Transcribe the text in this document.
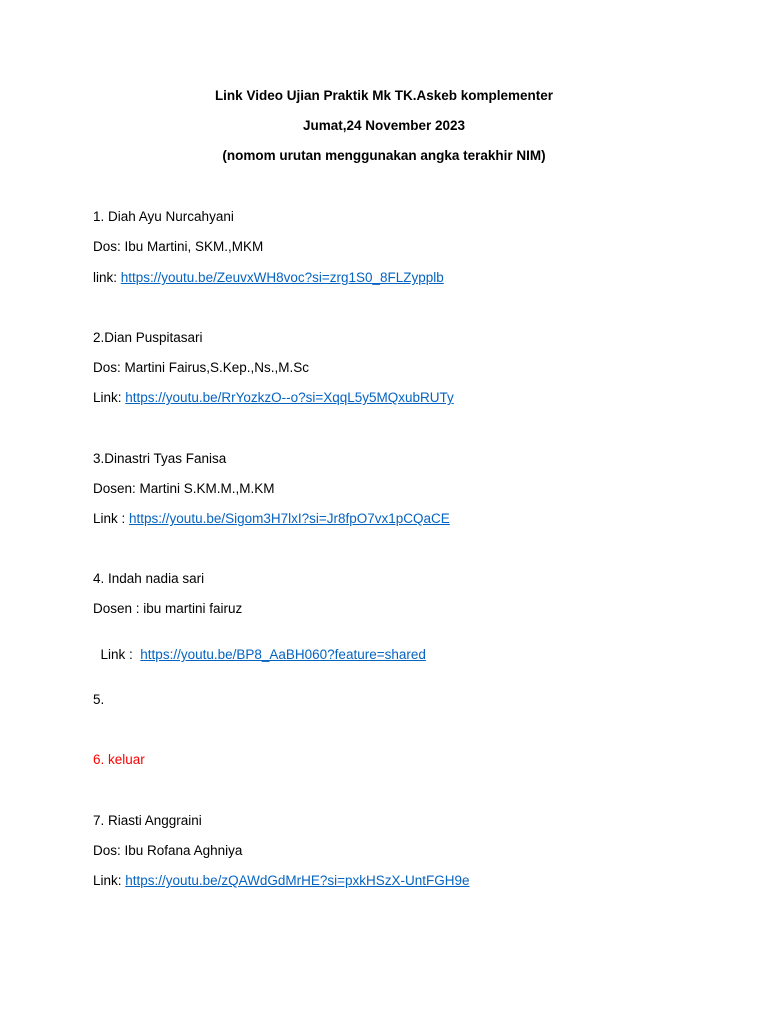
Link Video Ujian Praktik Mk TK.Askeb komplementer
Jumat,24 November 2023
(nomom urutan menggunakan angka terakhir NIM)
1. Diah Ayu Nurcahyani
Dos: Ibu Martini, SKM.,MKM
link: https://youtu.be/ZeuvxWH8voc?si=zrg1S0_8FLZypplb
2.Dian Puspitasari
Dos: Martini Fairus,S.Kep.,Ns.,M.Sc
Link: https://youtu.be/RrYozkzO--o?si=XqqL5y5MQxubRUTy
3.Dinastri Tyas Fanisa
Dosen: Martini S.KM.M.,M.KM
Link : https://youtu.be/Sigom3H7lxI?si=Jr8fpO7vx1pCQaCE
4. Indah nadia sari
Dosen : ibu martini fairuz

Link :  https://youtu.be/BP8_AaBH060?feature=shared

5.
6. keluar
7. Riasti Anggraini
Dos: Ibu Rofana Aghniya
Link: https://youtu.be/zQAWdGdMrHE?si=pxkHSzX-UntFGH9e
